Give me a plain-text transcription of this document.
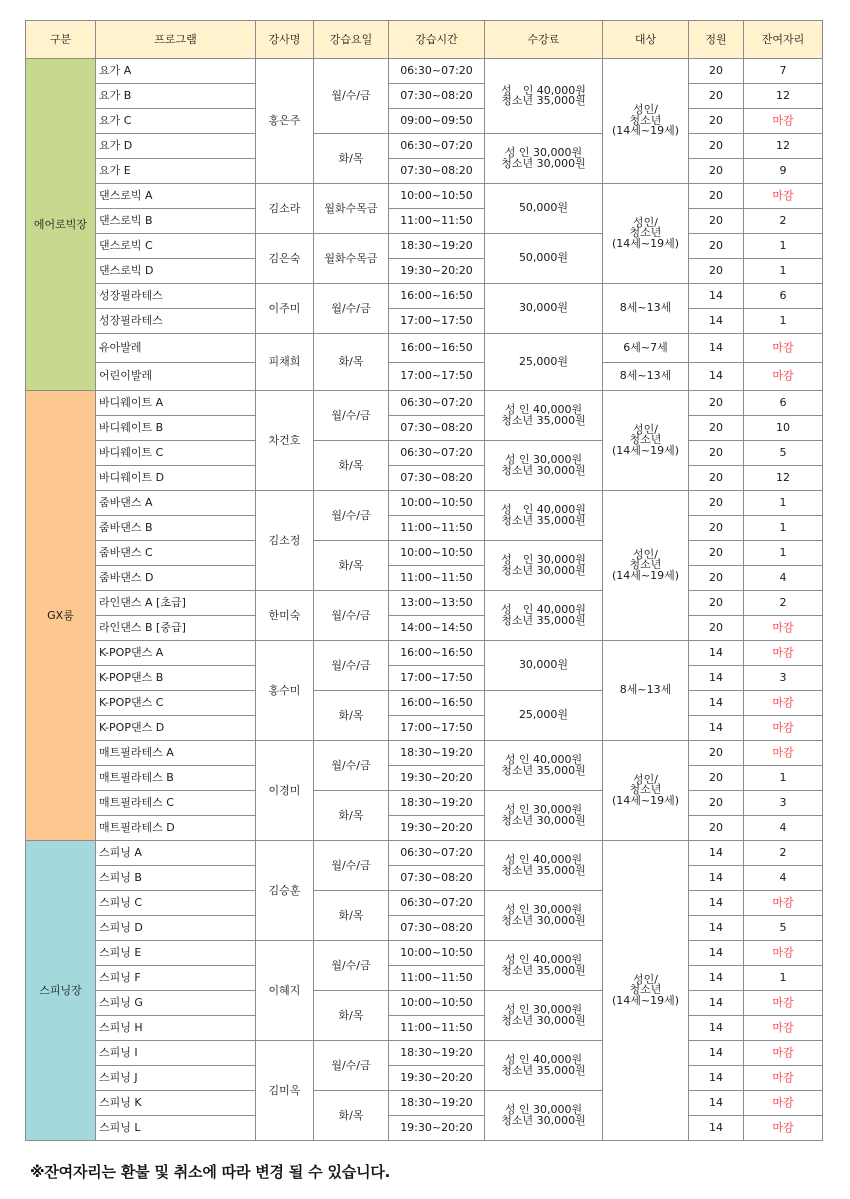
구분	프로그램	강사명	강습요일	강습시간	수강료	대상	정원	잔여자리
에어로빅장	요가 A	홍은주	월/수/금	06:30~07:20	성　인 40,000원
청소년 35,000원	성인/
청소년
(14세~19세)	20	7
	요가 B			07:30~08:20			20	12
	요가 C			09:00~09:50			20	마감
	요가 D		화/목	06:30~07:20	성 인 30,000원
청소년 30,000원		20	12
	요가 E			07:30~08:20			20	9
	댄스로빅 A	김소라	월화수목금	10:00~10:50	50,000원	성인/
청소년
(14세~19세)	20	마감
	댄스로빅 B			11:00~11:50			20	2
	댄스로빅 C	김은숙	월화수목금	18:30~19:20	50,000원		20	1
	댄스로빅 D			19:30~20:20			20	1
	성장필라테스	이주미	월/수/금	16:00~16:50	30,000원	8세~13세	14	6
	성장필라테스			17:00~17:50			14	1
	유아발레	피채희	화/목	16:00~16:50	25,000원	6세~7세	14	마감
	어린이발레			17:00~17:50		8세~13세	14	마감
GX룸	바디웨이트 A	차건호	월/수/금	06:30~07:20	성 인 40,000원
청소년 35,000원	성인/
청소년
(14세~19세)	20	6
	바디웨이트 B			07:30~08:20			20	10
	바디웨이트 C		화/목	06:30~07:20	성 인 30,000원
청소년 30,000원		20	5
	바디웨이트 D			07:30~08:20			20	12
	줌바댄스 A	김소정	월/수/금	10:00~10:50	성　인 40,000원
청소년 35,000원	성인/
청소년
(14세~19세)	20	1
	줌바댄스 B			11:00~11:50			20	1
	줌바댄스 C		화/목	10:00~10:50	성　인 30,000원
청소년 30,000원		20	1
	줌바댄스 D			11:00~11:50			20	4
	라인댄스 A [초급]	한미숙	월/수/금	13:00~13:50	성　인 40,000원
청소년 35,000원		20	2
	라인댄스 B [중급]			14:00~14:50			20	마감
	K-POP댄스 A	홍수미	월/수/금	16:00~16:50	30,000원	8세~13세	14	마감
	K-POP댄스 B			17:00~17:50			14	3
	K-POP댄스 C		화/목	16:00~16:50	25,000원		14	마감
	K-POP댄스 D			17:00~17:50			14	마감
	매트필라테스 A	이경미	월/수/금	18:30~19:20	성 인 40,000원
청소년 35,000원	성인/
청소년
(14세~19세)	20	마감
	매트필라테스 B			19:30~20:20			20	1
	매트필라테스 C		화/목	18:30~19:20	성 인 30,000원
청소년 30,000원		20	3
	매트필라테스 D			19:30~20:20			20	4
스피닝장	스피닝 A	김승훈	월/수/금	06:30~07:20	성 인 40,000원
청소년 35,000원	성인/
청소년
(14세~19세)	14	2
	스피닝 B			07:30~08:20			14	4
	스피닝 C		화/목	06:30~07:20	성 인 30,000원
청소년 30,000원		14	마감
	스피닝 D			07:30~08:20			14	5
	스피닝 E	이혜지	월/수/금	10:00~10:50	성 인 40,000원
청소년 35,000원		14	마감
	스피닝 F			11:00~11:50			14	1
	스피닝 G		화/목	10:00~10:50	성 인 30,000원
청소년 30,000원		14	마감
	스피닝 H			11:00~11:50			14	마감
	스피닝 I	김미옥	월/수/금	18:30~19:20	성 인 40,000원
청소년 35,000원		14	마감
	스피닝 J			19:30~20:20			14	마감
	스피닝 K		화/목	18:30~19:20	성 인 30,000원
청소년 30,000원		14	마감
	스피닝 L			19:30~20:20			14	마감
※잔여자리는 환불 및 취소에 따라 변경 될 수 있습니다.
